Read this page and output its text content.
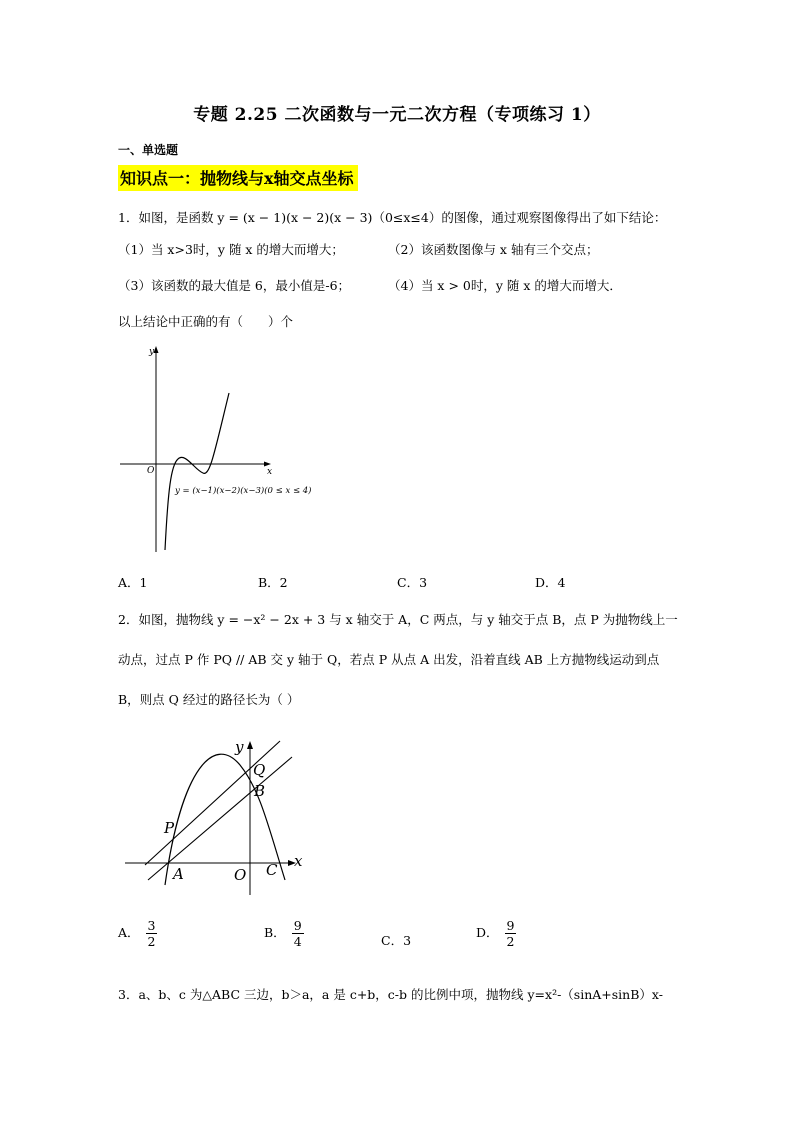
专题 2.25 二次函数与一元二次方程（专项练习 1）
一、单选题
知识点一：抛物线与x轴交点坐标
1．如图，是函数 y = (x − 1)(x − 2)(x − 3)（0≤x≤4）的图像，通过观察图像得出了如下结论：
（1）当 x>3时，y 随 x 的增大而增大；	（2）该函数图像与 x 轴有三个交点；
（3）该函数的最大值是 6，最小值是-6；	（4）当 x > 0时，y 随 x 的增大而增大．
以上结论中正确的有（　　）个
y
x
O
y = (x−1)(x−2)(x−3)(0 ≤ x ≤ 4)
A．1	B．2	C．3	D．4
2．如图，抛物线 y = −x² − 2x + 3 与 x 轴交于 A，C 两点，与 y 轴交于点 B，点 P 为抛物线上一
动点，过点 P 作 PQ // AB 交 y 轴于 Q，若点 P 从点 A 出发，沿着直线 AB 上方抛物线运动到点
B，则点 Q 经过的路径长为（ ）
y
x
Q
B
P
A	O C
A． $\frac{3}{2}$	B． $\frac{9}{4}$	C．3
D． $\frac{9}{2}$
3．a、b、c 为△ABC 三边，b＞a，a 是 c+b，c-b 的比例中项，抛物线 y=x²-（sinA+sinB）x-
